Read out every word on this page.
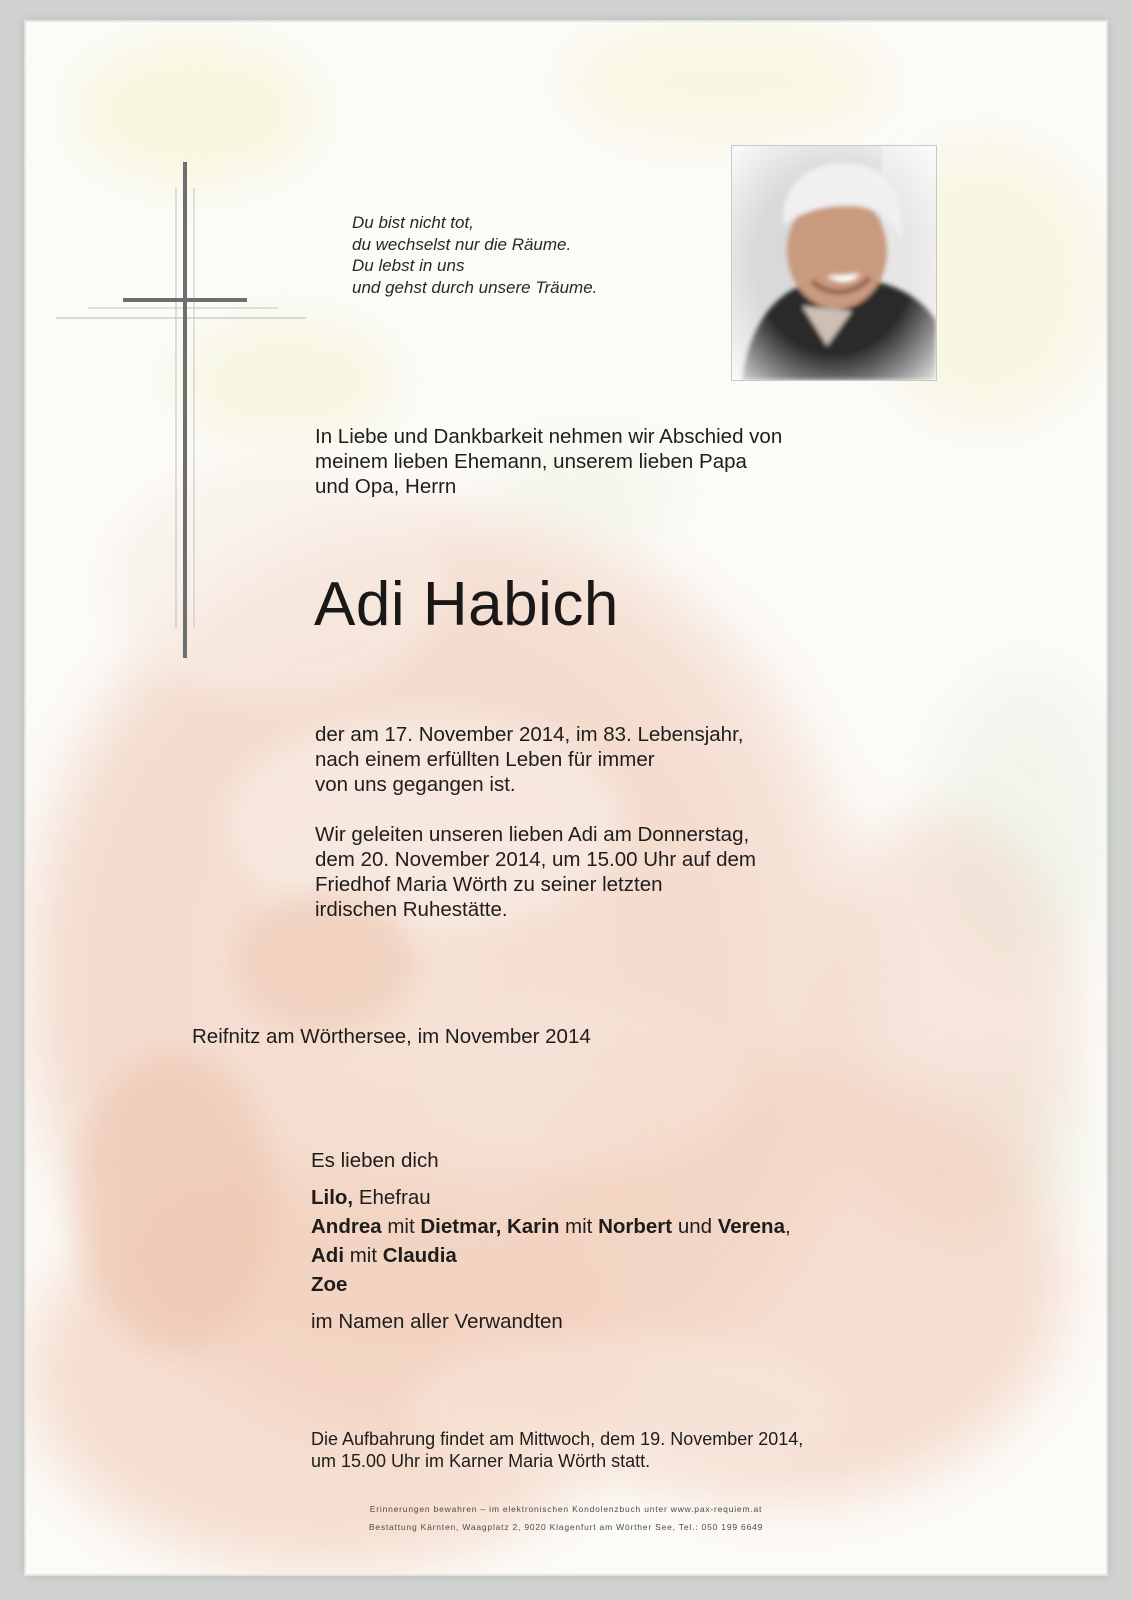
Du bist nicht tot,
du wechselst nur die Räume.
Du lebst in uns
und gehst durch unsere Träume.
In Liebe und Dankbarkeit nehmen wir Abschied von
meinem lieben Ehemann, unserem lieben Papa
und Opa, Herrn
Adi Habich
der am 17. November 2014, im 83. Lebensjahr,
nach einem erfüllten Leben für immer
von uns gegangen ist.
Wir geleiten unseren lieben Adi am Donnerstag,
dem 20. November 2014, um 15.00 Uhr auf dem
Friedhof Maria Wörth zu seiner letzten
irdischen Ruhestätte.
Reifnitz am Wörthersee, im November 2014
Es lieben dich
Lilo, Ehefrau
Andrea mit Dietmar, Karin mit Norbert und Verena,
Adi mit Claudia
Zoe
im Namen aller Verwandten
Die Aufbahrung findet am Mittwoch, dem 19. November 2014,
um 15.00 Uhr im Karner Maria Wörth statt.
Erinnerungen bewahren – im elektronischen Kondolenzbuch unter www.pax-requiem.at
Bestattung Kärnten, Waagplatz 2, 9020 Klagenfurt am Wörther See, Tel.: 050 199 6649
